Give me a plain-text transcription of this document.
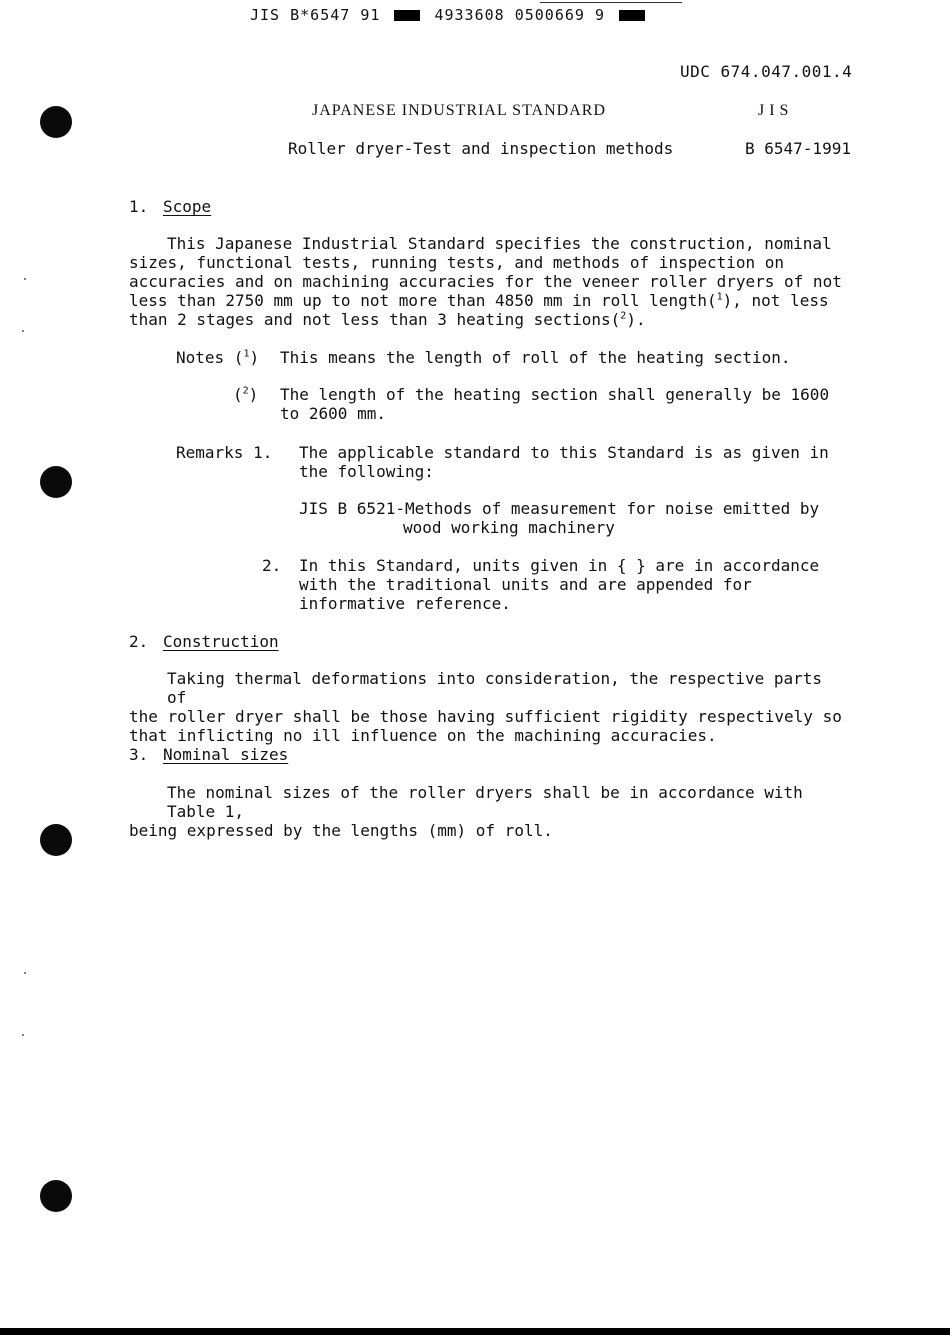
JIS B*6547 91	4933608 0500669 9
UDC 674.047.001.4
JAPANESE INDUSTRIAL STANDARD	J I S
Roller dryer-Test and inspection methods	B 6547-1991
1. Scope
This Japanese Industrial Standard specifies the construction, nominal
sizes, functional tests, running tests, and methods of inspection on
accuracies and on machining accuracies for the veneer roller dryers of not
less than 2750 mm up to not more than 4850 mm in roll length($^1$), not less
than 2 stages and not less than 3 heating sections($^2$).
Notes ($^1$) This means the length of roll of the heating section.
($^2$) The length of the heating section shall generally be 1600
to 2600 mm.
Remarks 1. The applicable standard to this Standard is as given in
the following:
JIS B 6521-Methods of measurement for noise emitted by
wood working machinery
2. In this Standard, units given in { } are in accordance
with the traditional units and are appended for
informative reference.
2. Construction
Taking thermal deformations into consideration, the respective parts of
the roller dryer shall be those having sufficient rigidity respectively so
that inflicting no ill influence on the machining accuracies.
3. Nominal sizes
The nominal sizes of the roller dryers shall be in accordance with Table 1,
being expressed by the lengths (mm) of roll.
